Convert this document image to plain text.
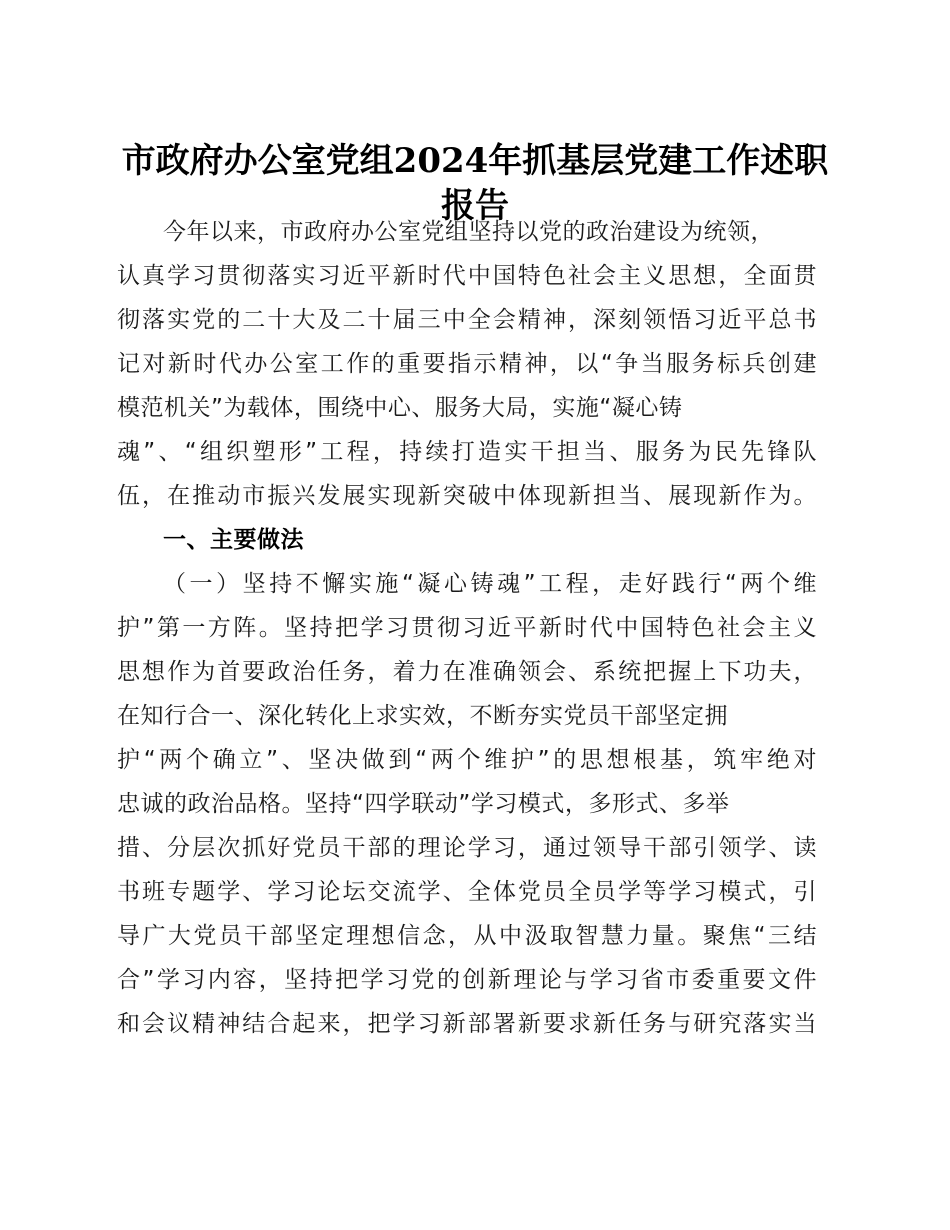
市政府办公室党组2024年抓基层党建工作述职
报告
今年以来，市政府办公室党组坚持以党的政治建设为统领，
认真学习贯彻落实习近平新时代中国特色社会主义思想，全面贯
彻落实党的二十大及二十届三中全会精神，深刻领悟习近平总书
记对新时代办公室工作的重要指示精神，以“争当服务标兵创建
模范机关”为载体，围绕中心、服务大局，实施“凝心铸
魂”、“组织塑形”工程，持续打造实干担当、服务为民先锋队
伍，在推动市振兴发展实现新突破中体现新担当、展现新作为。
一、主要做法
（一）坚持不懈实施“凝心铸魂”工程，走好践行“两个维
护”第一方阵。坚持把学习贯彻习近平新时代中国特色社会主义
思想作为首要政治任务，着力在准确领会、系统把握上下功夫，
在知行合一、深化转化上求实效，不断夯实党员干部坚定拥
护“两个确立”、坚决做到“两个维护”的思想根基，筑牢绝对
忠诚的政治品格。坚持“四学联动”学习模式，多形式、多举
措、分层次抓好党员干部的理论学习，通过领导干部引领学、读
书班专题学、学习论坛交流学、全体党员全员学等学习模式，引
导广大党员干部坚定理想信念，从中汲取智慧力量。聚焦“三结
合”学习内容，坚持把学习党的创新理论与学习省市委重要文件
和会议精神结合起来，把学习新部署新要求新任务与研究落实当
